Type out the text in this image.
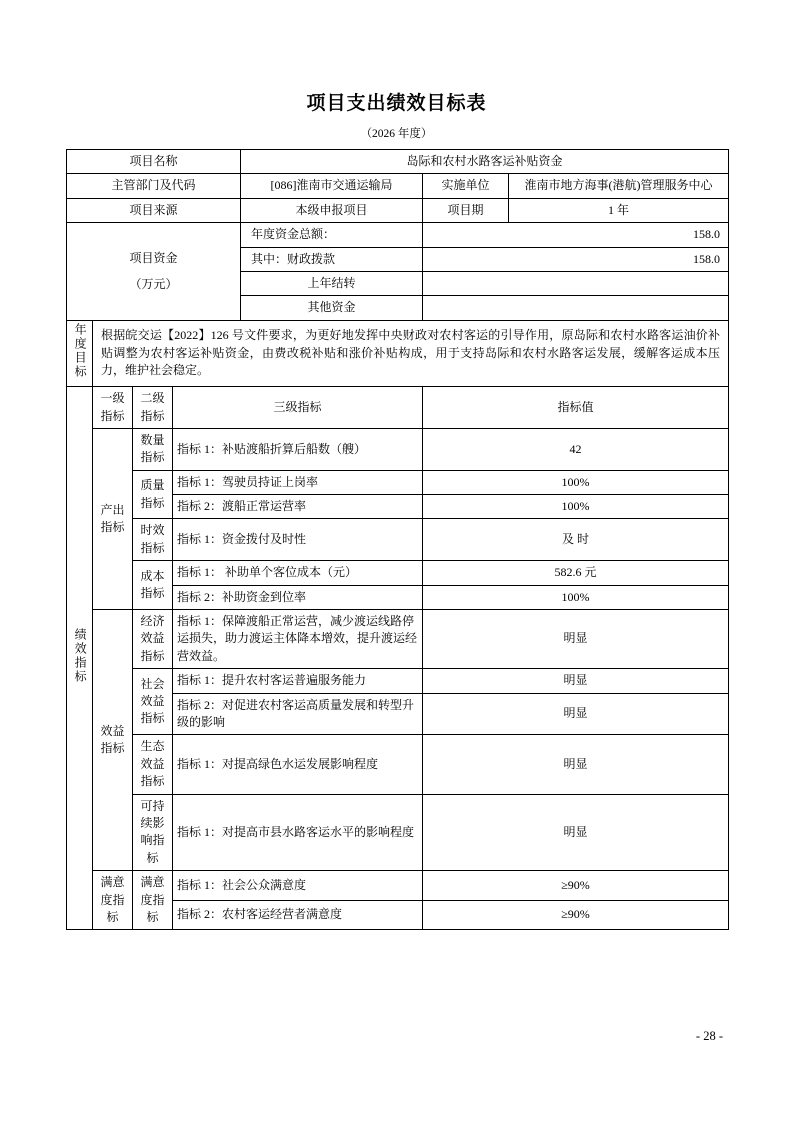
项目支出绩效目标表
（2026 年度）
项目名称				岛际和农村水路客运补贴资金		
主管部门及代码				[086]淮南市交通运输局	实施单位	淮南市地方海事(港航)管理服务中心
项目来源				本级申报项目	项目期	1 年

项目资金
（万元）				年度资金总额：	158.0	
				其中：财政拨款	158.0	
				上年结转		
				其他资金		
年度目标	根据皖交运【2022】126 号文件要求，为更好地发挥中央财政对农村客运的引导作用，原岛际和农村水路客运油价补贴调整为农村客运补贴资金，由费改税补贴和涨价补贴构成，用于支持岛际和农村水路客运发展，缓解客运成本压力，维护社会稳定。					
绩效指标	一级指标	二级指标	三级指标		指标值	
	产出指标	数量指标	指标 1：补贴渡船折算后船数（艘）		42	
		质量指标	指标 1：驾驶员持证上岗率		100%	
			指标 2：渡船正常运营率		100%	
		时效指标	指标 1：资金拨付及时性		及 时	
		成本指标	指标 1： 补助单个客位成本（元）		582.6 元	
			指标 2：补助资金到位率		100%	
	效益指标	经济效益指标	指标 1：保障渡船正常运营，减少渡运线路停运损失，助力渡运主体降本增效，提升渡运经营效益。		明显	
		社会效益指标	指标 1：提升农村客运普遍服务能力		明显	
			指标 2：对促进农村客运高质量发展和转型升级的影响		明显	
		生态效益指标	指标 1：对提高绿色水运发展影响程度		明显	
		可持续影响指标	指标 1：对提高市县水路客运水平的影响程度		明显	
	满意度指标	满意度指标	指标 1：社会公众满意度		≥90%	
			指标 2：农村客运经营者满意度		≥90%	
- 28 -
